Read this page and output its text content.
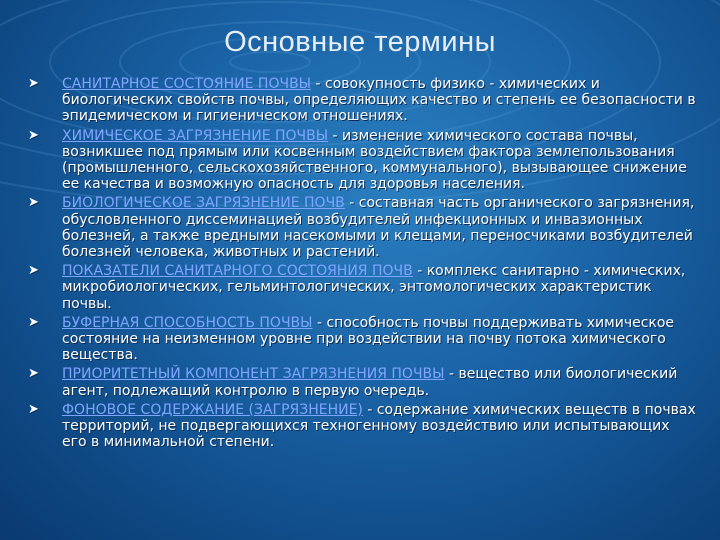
Основные термины
➤ САНИТАРНОЕ СОСТОЯНИЕ ПОЧВЫ - совокупность физико - химических и биологических свойств почвы, определяющих качество и степень ее безопасности в эпидемическом и гигиеническом отношениях.
➤ ХИМИЧЕСКОЕ ЗАГРЯЗНЕНИЕ ПОЧВЫ - изменение химического состава почвы, возникшее под прямым или косвенным воздействием фактора землепользования (промышленного, сельскохозяйственного, коммунального), вызывающее снижение ее качества и возможную опасность для здоровья населения.
➤ БИОЛОГИЧЕСКОЕ ЗАГРЯЗНЕНИЕ ПОЧВ - составная часть органического загрязнения, обусловленного диссеминацией возбудителей инфекционных и инвазионных болезней, а также вредными насекомыми и клещами, переносчиками возбудителей болезней человека, животных и растений.
➤ ПОКАЗАТЕЛИ САНИТАРНОГО СОСТОЯНИЯ ПОЧВ - комплекс санитарно - химических, микробиологических, гельминтологических, энтомологических характеристик почвы.
➤ БУФЕРНАЯ СПОСОБНОСТЬ ПОЧВЫ - способность почвы поддерживать химическое состояние на неизменном уровне при воздействии на почву потока химического вещества.
➤ ПРИОРИТЕТНЫЙ КОМПОНЕНТ ЗАГРЯЗНЕНИЯ ПОЧВЫ - вещество или биологический агент, подлежащий контролю в первую очередь.
➤ ФОНОВОЕ СОДЕРЖАНИЕ (ЗАГРЯЗНЕНИЕ) - содержание химических веществ в почвах территорий, не подвергающихся техногенному воздействию или испытывающих его в минимальной степени.
